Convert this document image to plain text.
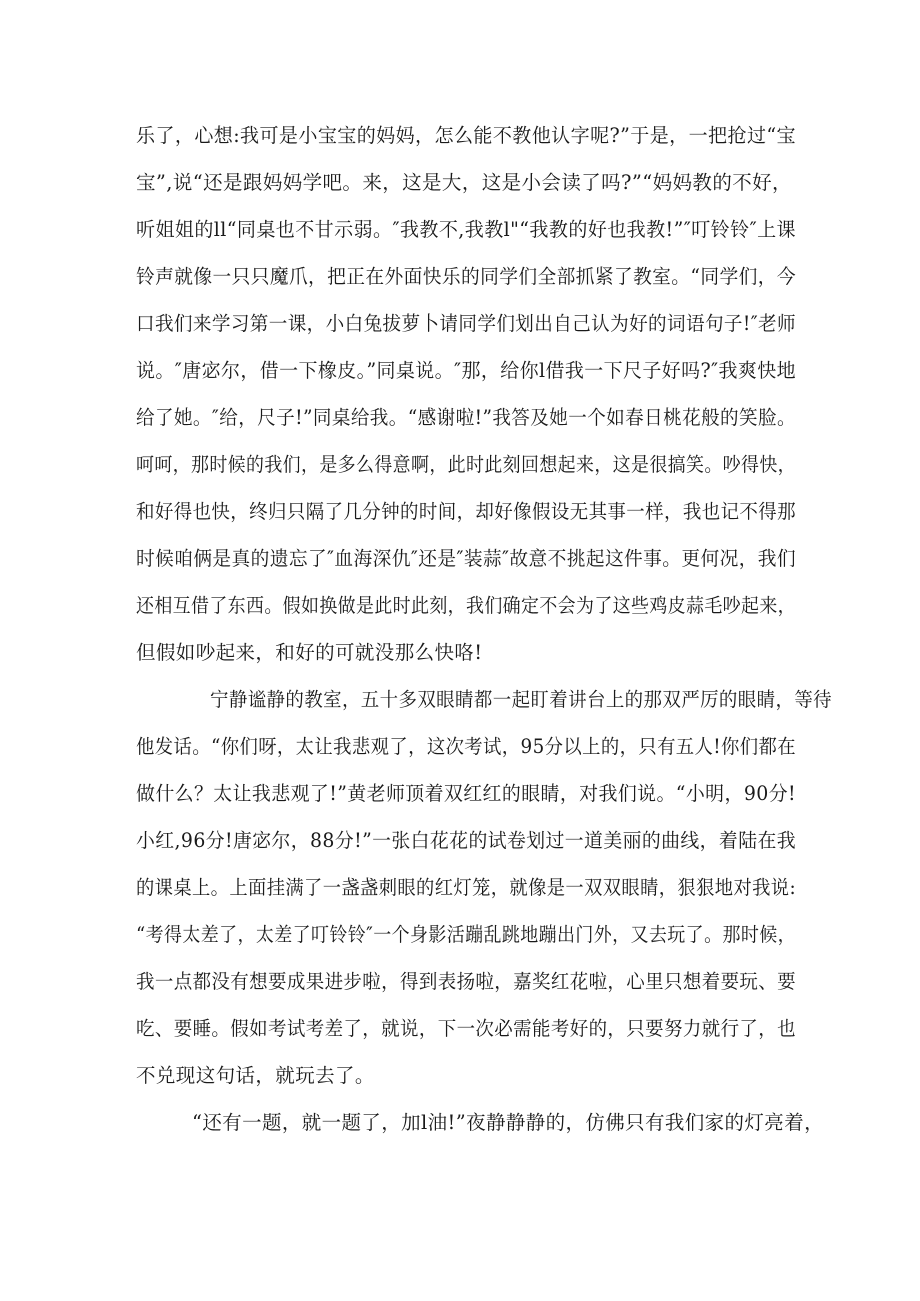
乐了，心想:我可是小宝宝的妈妈，怎么能不教他认字呢?”于是，一把抢过“宝
宝”,说“还是跟妈妈学吧。来，这是大，这是小会读了吗?”“妈妈教的不好，
听姐姐的ll“同桌也不甘示弱。″我教不,我教l"“我教的好也我教!”″叮铃铃″上课
铃声就像一只只魔爪，把正在外面快乐的同学们全部抓紧了教室。“同学们，今
口我们来学习第一课，小白兔拔萝卜请同学们划出自己认为好的词语句子!″老师
说。″唐宓尔，借一下橡皮。”同桌说。″那，给你l借我一下尺子好吗?″我爽快地
给了她。″给，尺子!”同桌给我。“感谢啦!”我答及她一个如春日桃花般的笑脸。
呵呵，那时候的我们，是多么得意啊，此时此刻回想起来，这是很搞笑。吵得快，
和好得也快，终归只隔了几分钟的时间，却好像假设无其事一样，我也记不得那
时候咱俩是真的遗忘了″血海深仇″还是″装蒜″故意不挑起这件事。更何况，我们
还相互借了东西。假如换做是此时此刻，我们确定不会为了这些鸡皮蒜毛吵起来，
但假如吵起来，和好的可就没那么快咯!
宁静谧静的教室，五十多双眼睛都一起盯着讲台上的那双严厉的眼睛，等待
他发话。“你们呀，太让我悲观了，这次考试，95分以上的，只有五人!你们都在
做什么？太让我悲观了!”黄老师顶着双红红的眼睛，对我们说。“小明，90分!
小红,96分!唐宓尔，88分!”一张白花花的试卷划过一道美丽的曲线，着陆在我
的课桌上。上面挂满了一盏盏刺眼的红灯笼，就像是一双双眼睛，狠狠地对我说:
“考得太差了，太差了叮铃铃″一个身影活蹦乱跳地蹦出门外，又去玩了。那时候，
我一点都没有想要成果进步啦，得到表扬啦，嘉奖红花啦，心里只想着要玩、要
吃、要睡。假如考试考差了，就说，下一次必需能考好的，只要努力就行了，也
不兑现这句话，就玩去了。
“还有一题，就一题了，加l油!”夜静静静的，仿佛只有我们家的灯亮着，
